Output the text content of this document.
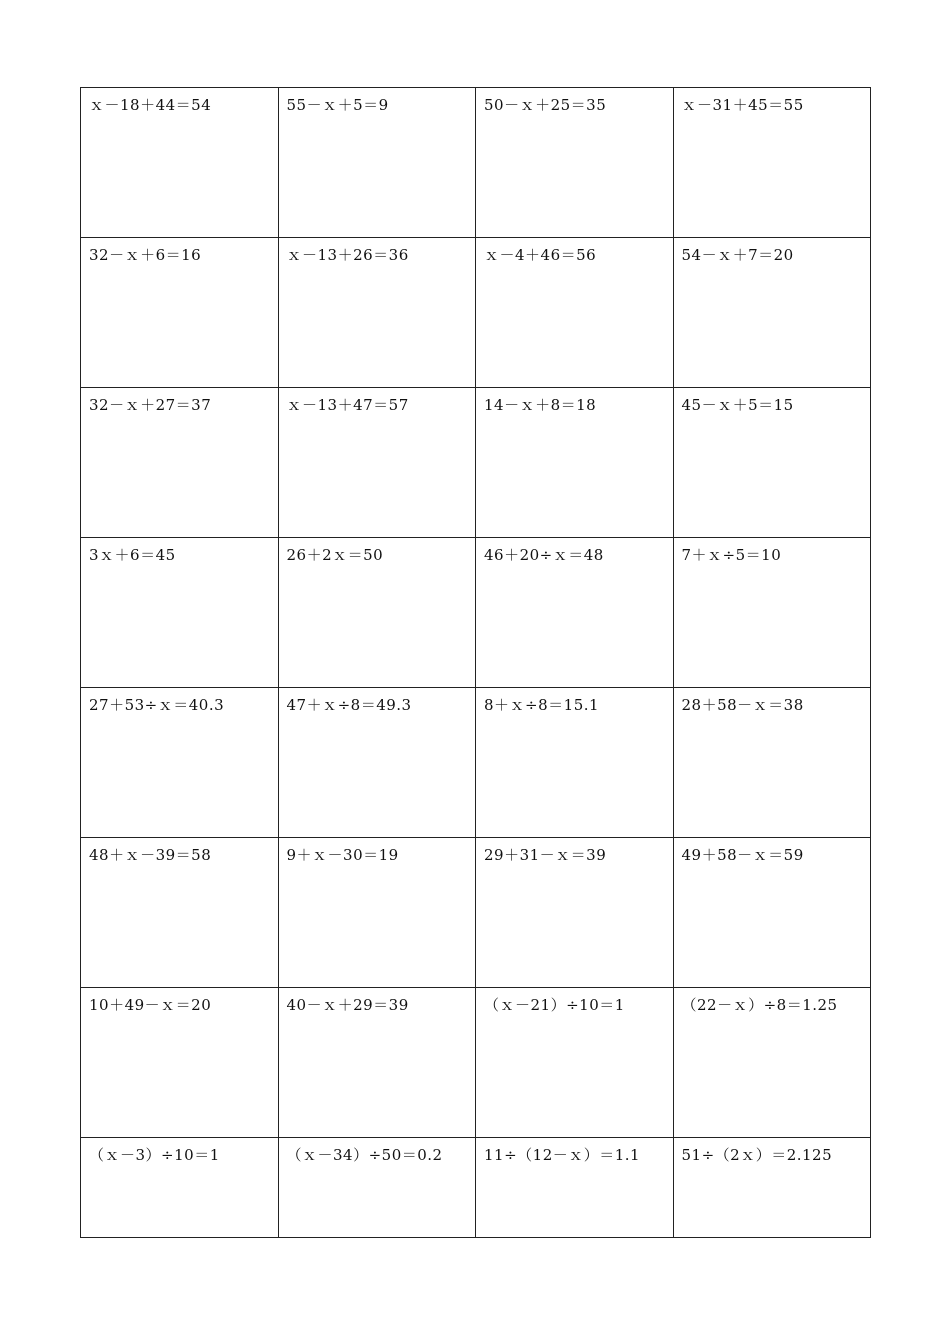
ｘ－18＋44＝54	55－ｘ＋5＝9	50－ｘ＋25＝35	ｘ－31＋45＝55
32－ｘ＋6＝16	ｘ－13＋26＝36	ｘ－4＋46＝56	54－ｘ＋7＝20
32－ｘ＋27＝37	ｘ－13＋47＝57	14－ｘ＋8＝18	45－ｘ＋5＝15
3ｘ＋6＝45	26＋2ｘ＝50	46＋20÷ｘ＝48	7＋ｘ÷5＝10
27＋53÷ｘ＝40.3	47＋ｘ÷8＝49.3	8＋ｘ÷8＝15.1	28＋58－ｘ＝38
48＋ｘ－39＝58	9＋ｘ－30＝19	29＋31－ｘ＝39	49＋58－ｘ＝59
10＋49－ｘ＝20	40－ｘ＋29＝39	（ｘ－21）÷10＝1	（22－ｘ）÷8＝1.25
（ｘ－3）÷10＝1	（ｘ－34）÷50＝0.2	11÷（12－ｘ）＝1.1	51÷（2ｘ）＝2.125
